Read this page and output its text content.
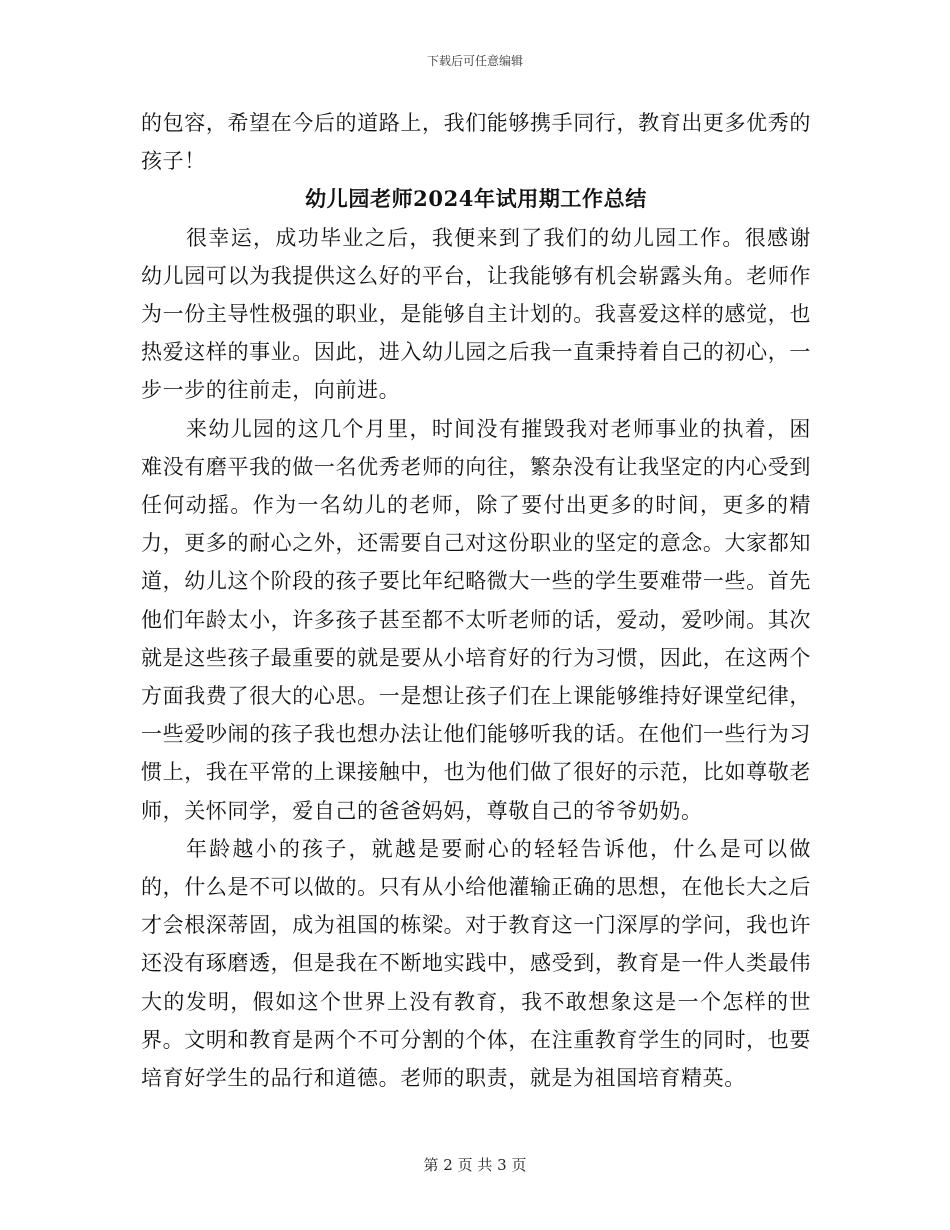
下载后可任意编辑

的包容，希望在今后的道路上，我们能够携手同行，教育出更多优秀的孩子！

幼儿园老师2024年试用期工作总结

很幸运，成功毕业之后，我便来到了我们的幼儿园工作。很感谢幼儿园可以为我提供这么好的平台，让我能够有机会崭露头角。老师作为一份主导性极强的职业，是能够自主计划的。我喜爱这样的感觉，也热爱这样的事业。因此，进入幼儿园之后我一直秉持着自己的初心，一步一步的往前走，向前进。

来幼儿园的这几个月里，时间没有摧毁我对老师事业的执着，困难没有磨平我的做一名优秀老师的向往，繁杂没有让我坚定的内心受到任何动摇。作为一名幼儿的老师，除了要付出更多的时间，更多的精力，更多的耐心之外，还需要自己对这份职业的坚定的意念。大家都知道，幼儿这个阶段的孩子要比年纪略微大一些的学生要难带一些。首先他们年龄太小，许多孩子甚至都不太听老师的话，爱动，爱吵闹。其次就是这些孩子最重要的就是要从小培育好的行为习惯，因此，在这两个方面我费了很大的心思。一是想让孩子们在上课能够维持好课堂纪律，一些爱吵闹的孩子我也想办法让他们能够听我的话。在他们一些行为习惯上，我在平常的上课接触中，也为他们做了很好的示范，比如尊敬老师，关怀同学，爱自己的爸爸妈妈，尊敬自己的爷爷奶奶。

年龄越小的孩子，就越是要耐心的轻轻告诉他，什么是可以做的，什么是不可以做的。只有从小给他灌输正确的思想，在他长大之后才会根深蒂固，成为祖国的栋梁。对于教育这一门深厚的学问，我也许还没有琢磨透，但是我在不断地实践中，感受到，教育是一件人类最伟大的发明，假如这个世界上没有教育，我不敢想象这是一个怎样的世界。文明和教育是两个不可分割的个体，在注重教育学生的同时，也要培育好学生的品行和道德。老师的职责，就是为祖国培育精英。

第 2 页 共 3 页
